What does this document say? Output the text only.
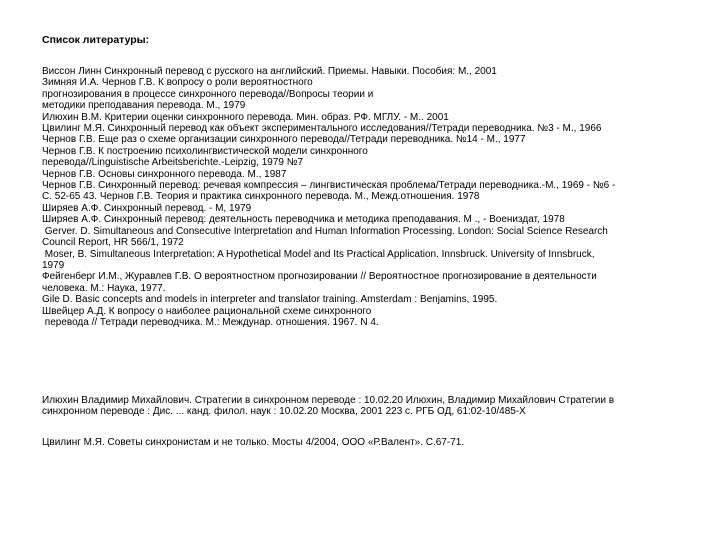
Список литературы:
Виссон Линн Синхронный перевод с русского на английский. Приемы. Навыки. Пособия: М., 2001
Зимняя И.А. Чернов Г.В. К вопросу о роли вероятностного
прогнозирования в процессе синхронного перевода//Вопросы теории и
методики преподавания перевода. М., 1979
Илюхин В.М. Критерии оценки синхронного перевода. Мин. образ. РФ. МГЛУ. - М.. 2001
Цвилинг М.Я. Синхронный перевод как объект экспериментального исследования//Тетради переводника. №3 - М., 1966
Чернов Г.В. Еще раз о схеме организации синхронного перевода//Тетради переводника. №14 - М., 1977
Чернов Г.В. К построению психолингвистической модели синхронного
перевода//Linguistische Arbeitsberichte.-Leipzig, 1979 №7
Чернов Г.В. Основы синхронного перевода. М., 1987
Чернов Г.В. Синхронный перевод: речевая компрессия – лингвистическая проблема/Тетради переводника.-М., 1969 - №6 -
С. 52-65 43. Чернов Г.В. Теория и практика синхронного перевода. М., Межд.отношения. 1978
Ширяев А.Ф. Синхронный перевод. - М, 1979
Ширяев А.Ф. Синхронный перевод: деятельность переводчика и методика преподавания. М ., - Воениздат, 1978
Gerver. D. Simultaneous and Consecutive Interpretation and Human Information Processing. London: Social Science Research
Council Report, HR 566/1, 1972
Moser, B. Simultaneous Interpretation: A Hypothetical Model and Its Practical Application. Innsbruck. University of Innsbruck,
1979
Фейгенберг И.М., Журавлев Г.В. О вероятностном прогнозировании // Вероятностное прогнозирование в деятельности
человека. М.: Наука, 1977.
Gile D. Basic concepts and models in interpreter and translator training. Amsterdam : Benjamins, 1995.
Швейцер А.Д. К вопросу о наиболее рациональной схеме синхронного
перевода // Тетради переводчика. М.: Междунар. отношения. 1967. N 4.
Илюхин Владимир Михайлович. Стратегии в синхронном переводе : 10.02.20 Илюхин, Владимир Михайлович Стратегии в
синхронном переводе : Дис. ... канд. филол. наук : 10.02.20 Москва, 2001 223 с. РГБ ОД, 61:02-10/485-X
Цвилинг М.Я. Советы синхронистам и не только. Мосты 4/2004, ООО «Р.Валент». С.67-71.
